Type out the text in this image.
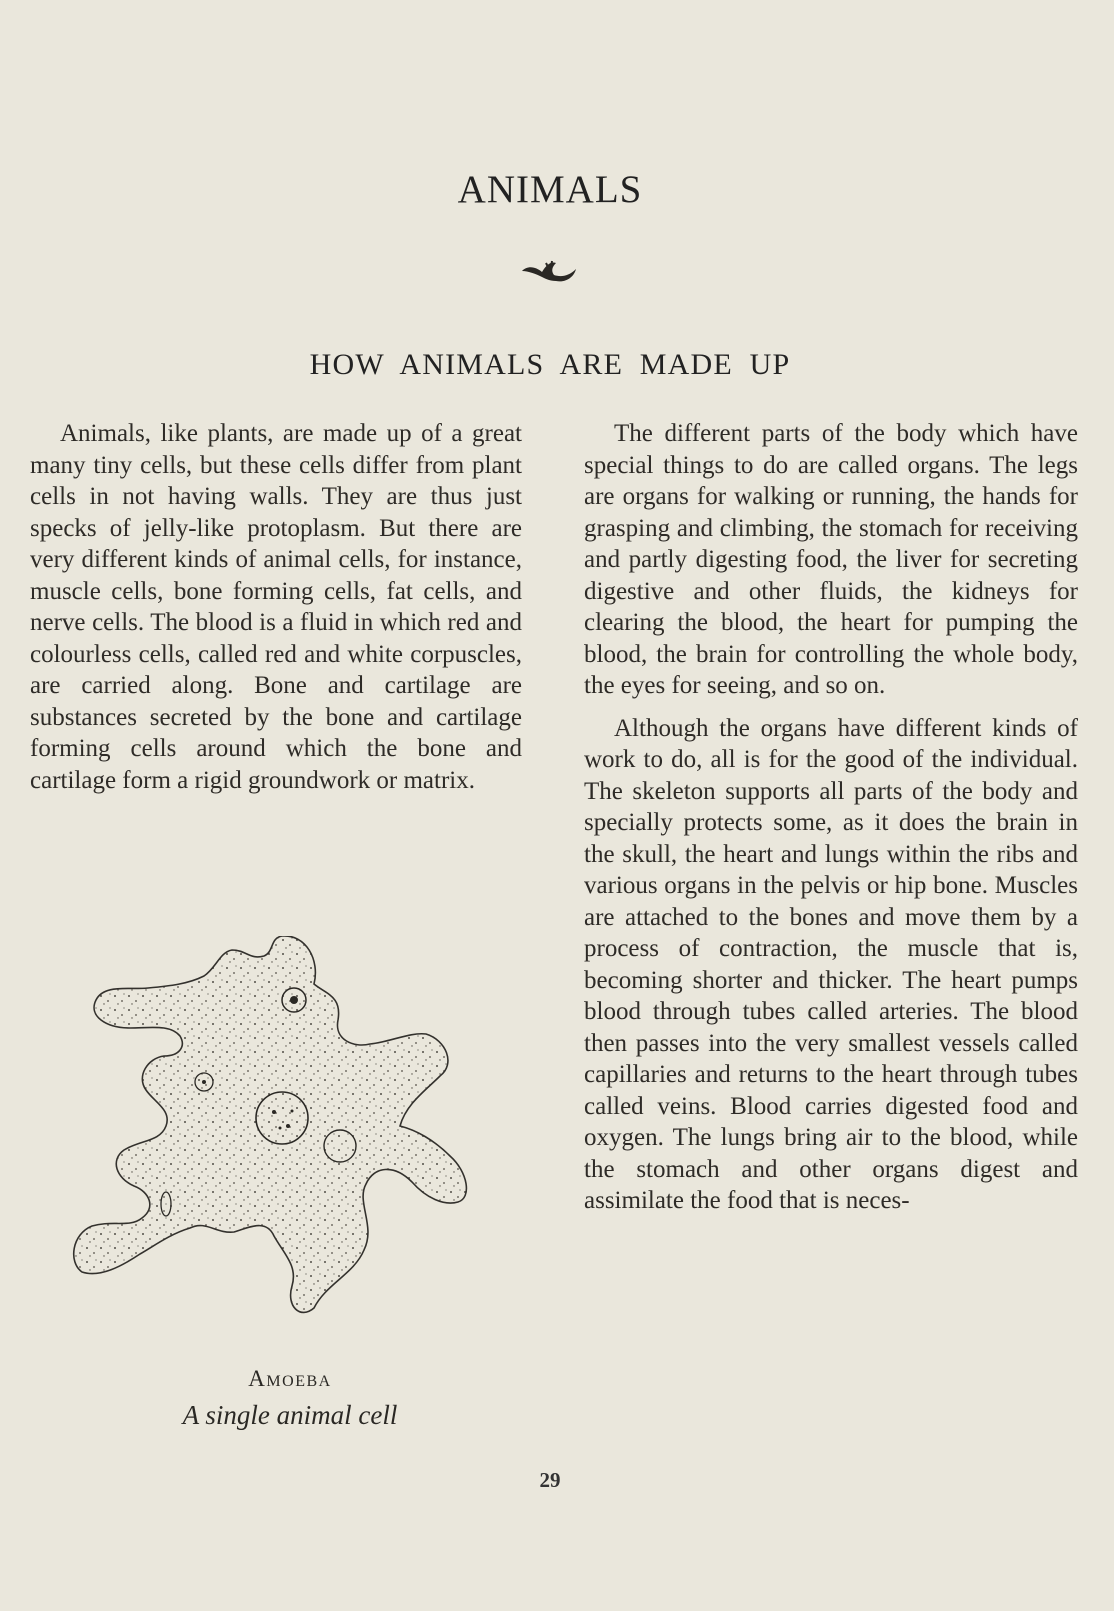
ANIMALS
HOW ANIMALS ARE MADE UP

Animals, like plants, are made up of a great many tiny cells, but these cells differ from plant cells in not having walls. They are thus just specks of jelly-like protoplasm. But there are very different kinds of animal cells, for instance, muscle cells, bone forming cells, fat cells, and nerve cells. The blood is a fluid in which red and colourless cells, called red and white corpuscles, are carried along. Bone and cartilage are substances secreted by the bone and cartilage forming cells around which the bone and cartilage form a rigid groundwork or matrix.

The different parts of the body which have special things to do are called organs. The legs are organs for walking or running, the hands for grasping and climbing, the stomach for receiving and partly digesting food, the liver for secreting digestive and other fluids, the kidneys for clearing the blood, the heart for pumping the blood, the brain for controlling the whole body, the eyes for seeing, and so on.

Although the organs have different kinds of work to do, all is for the good of the individual. The skeleton supports all parts of the body and specially protects some, as it does the brain in the skull, the heart and lungs within the ribs and various organs in the pelvis or hip bone. Muscles are attached to the bones and move them by a process of contraction, the muscle that is, becoming shorter and thicker. The heart pumps blood through tubes called arteries. The blood then passes into the very smallest vessels called capillaries and returns to the heart through tubes called veins. Blood carries digested food and oxygen. The lungs bring air to the blood, while the stomach and other organs digest and assimilate the food that is neces-

Amoeba
A single animal cell
29
